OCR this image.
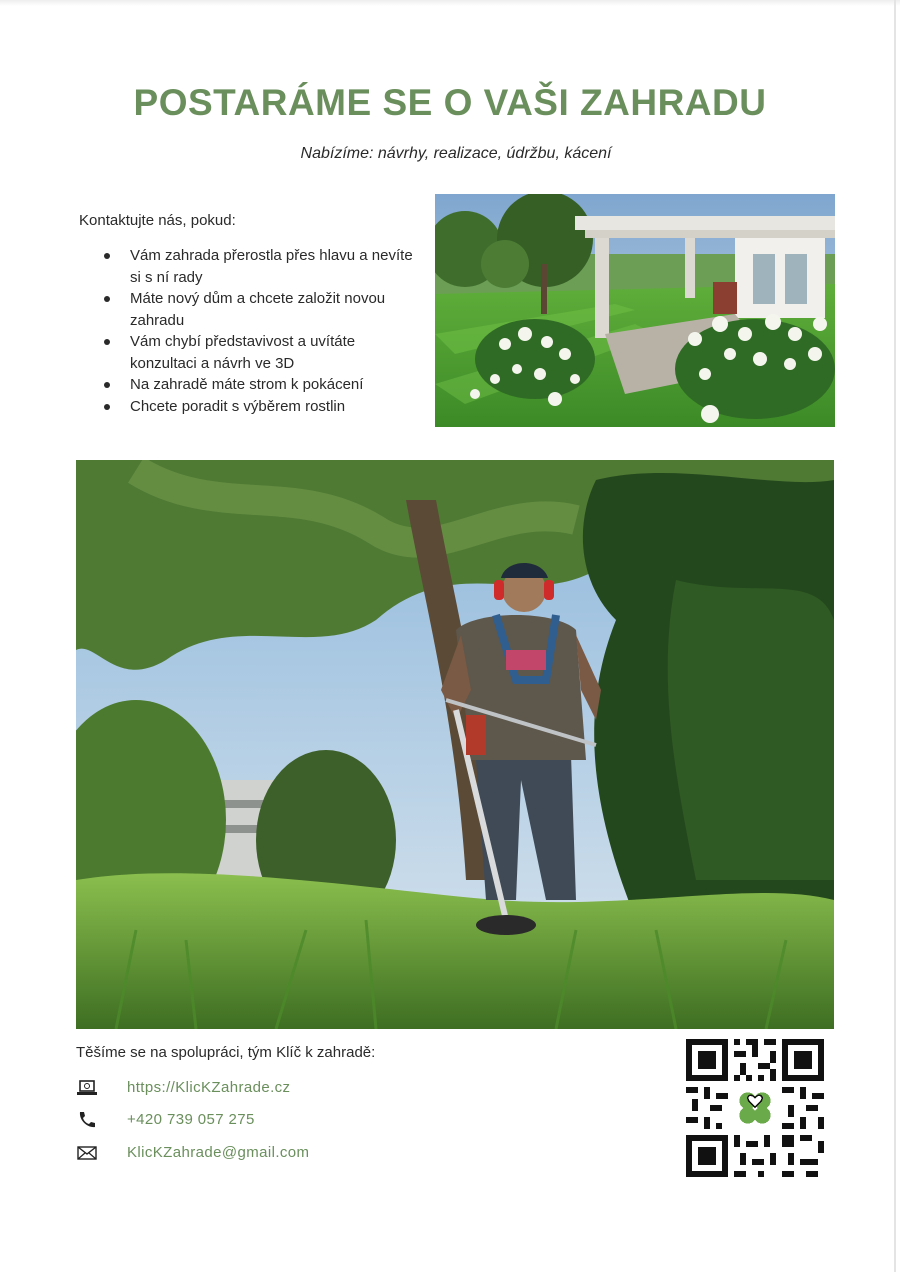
POSTARÁME SE O VAŠI ZAHRADU

Nabízíme: návrhy, realizace, údržbu, kácení

Kontaktujte nás, pokud:

Vám zahrada přerostla přes hlavu a nevíte si s ní rady
Máte nový dům a chcete založit novou zahradu
Vám chybí představivost a uvítáte konzultaci a návrh ve 3D
Na zahradě máte strom k pokácení
Chcete poradit s výběrem rostlin

Těšíme se na spolupráci, tým Klíč k zahradě:

https://KlicKZahrade.cz
+420 739 057 275
KlicKZahrade@gmail.com
